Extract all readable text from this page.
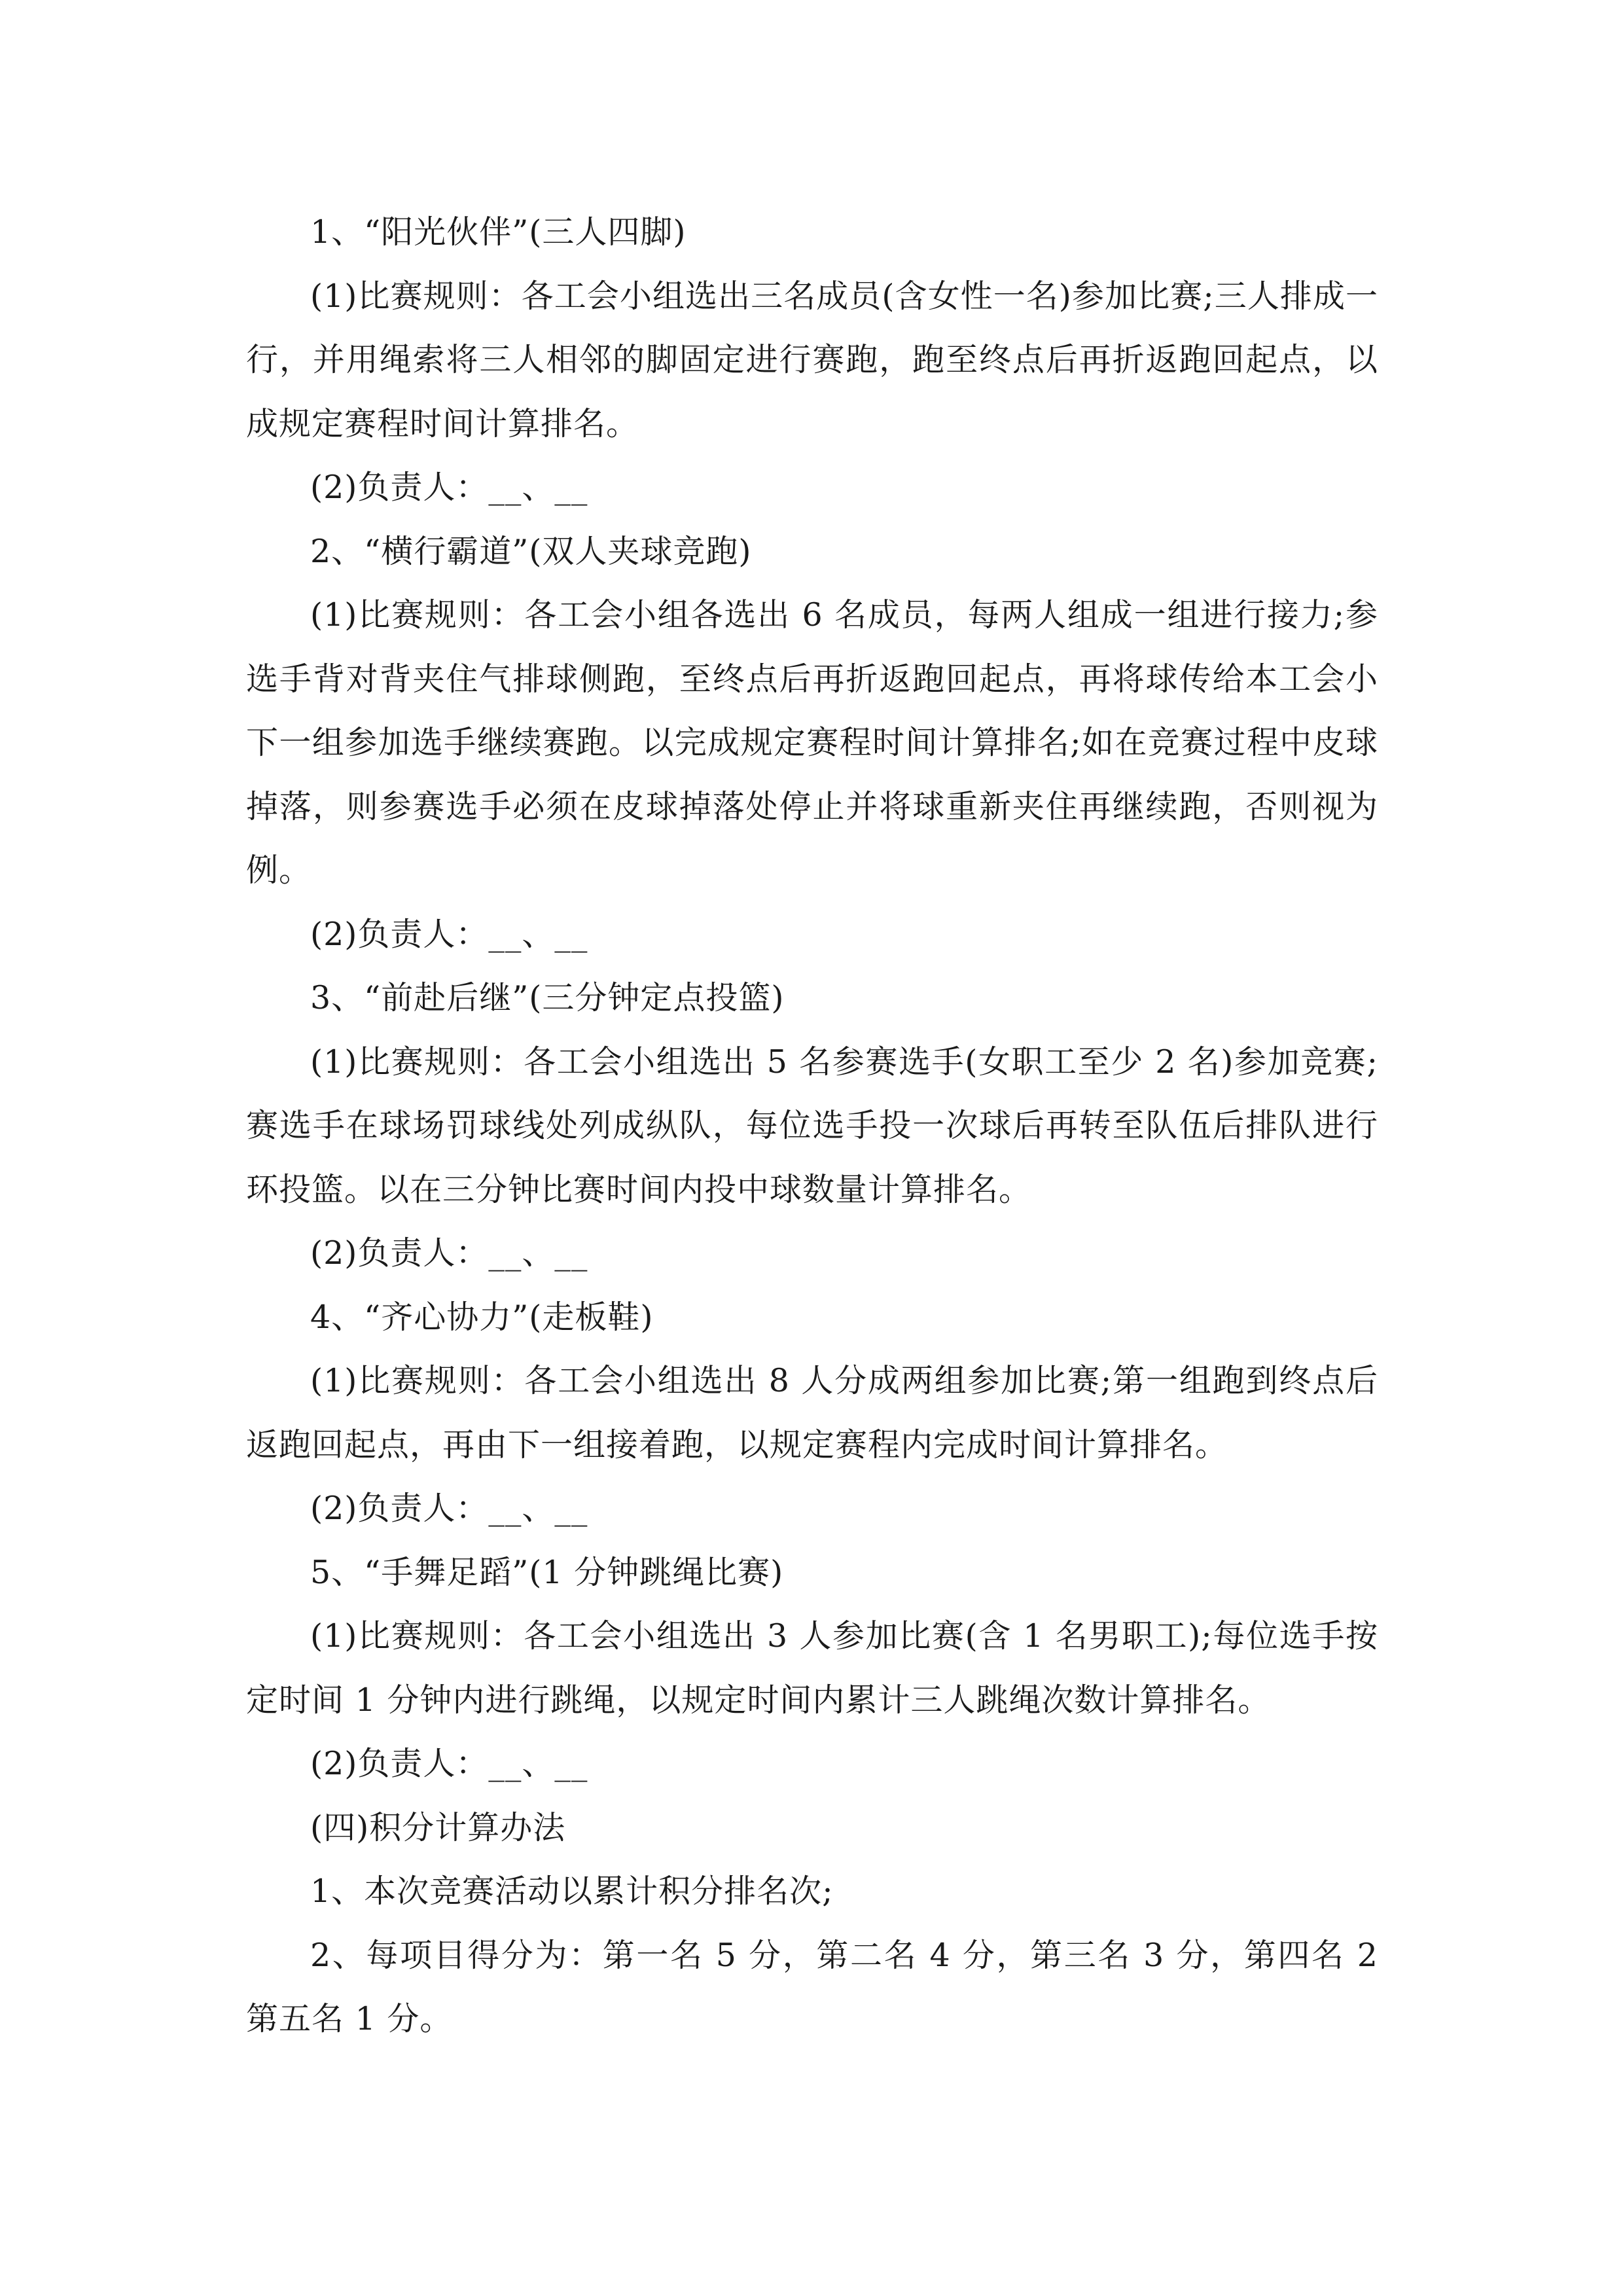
1、“阳光伙伴”(三人四脚)
(1)比赛规则：各工会小组选出三名成员(含女性一名)参加比赛;三人排成一
行，并用绳索将三人相邻的脚固定进行赛跑，跑至终点后再折返跑回起点，以
成规定赛程时间计算排名。
(2)负责人：__、__
2、“横行霸道”(双人夹球竞跑)
(1)比赛规则：各工会小组各选出 6 名成员，每两人组成一组进行接力;参
选手背对背夹住气排球侧跑，至终点后再折返跑回起点，再将球传给本工会小
下一组参加选手继续赛跑。以完成规定赛程时间计算排名;如在竞赛过程中皮球
掉落，则参赛选手必须在皮球掉落处停止并将球重新夹住再继续跑，否则视为
例。
(2)负责人：__、__
3、“前赴后继”(三分钟定点投篮)
(1)比赛规则：各工会小组选出 5 名参赛选手(女职工至少 2 名)参加竞赛;
赛选手在球场罚球线处列成纵队，每位选手投一次球后再转至队伍后排队进行
环投篮。以在三分钟比赛时间内投中球数量计算排名。
(2)负责人：__、__
4、“齐心协力”(走板鞋)
(1)比赛规则：各工会小组选出 8 人分成两组参加比赛;第一组跑到终点后
返跑回起点，再由下一组接着跑，以规定赛程内完成时间计算排名。
(2)负责人：__、__
5、“手舞足蹈”(1 分钟跳绳比赛)
(1)比赛规则：各工会小组选出 3 人参加比赛(含 1 名男职工);每位选手按
定时间 1 分钟内进行跳绳，以规定时间内累计三人跳绳次数计算排名。
(2)负责人：__、__
(四)积分计算办法
1、本次竞赛活动以累计积分排名次;
2、每项目得分为：第一名 5 分，第二名 4 分，第三名 3 分，第四名 2
第五名 1 分。
